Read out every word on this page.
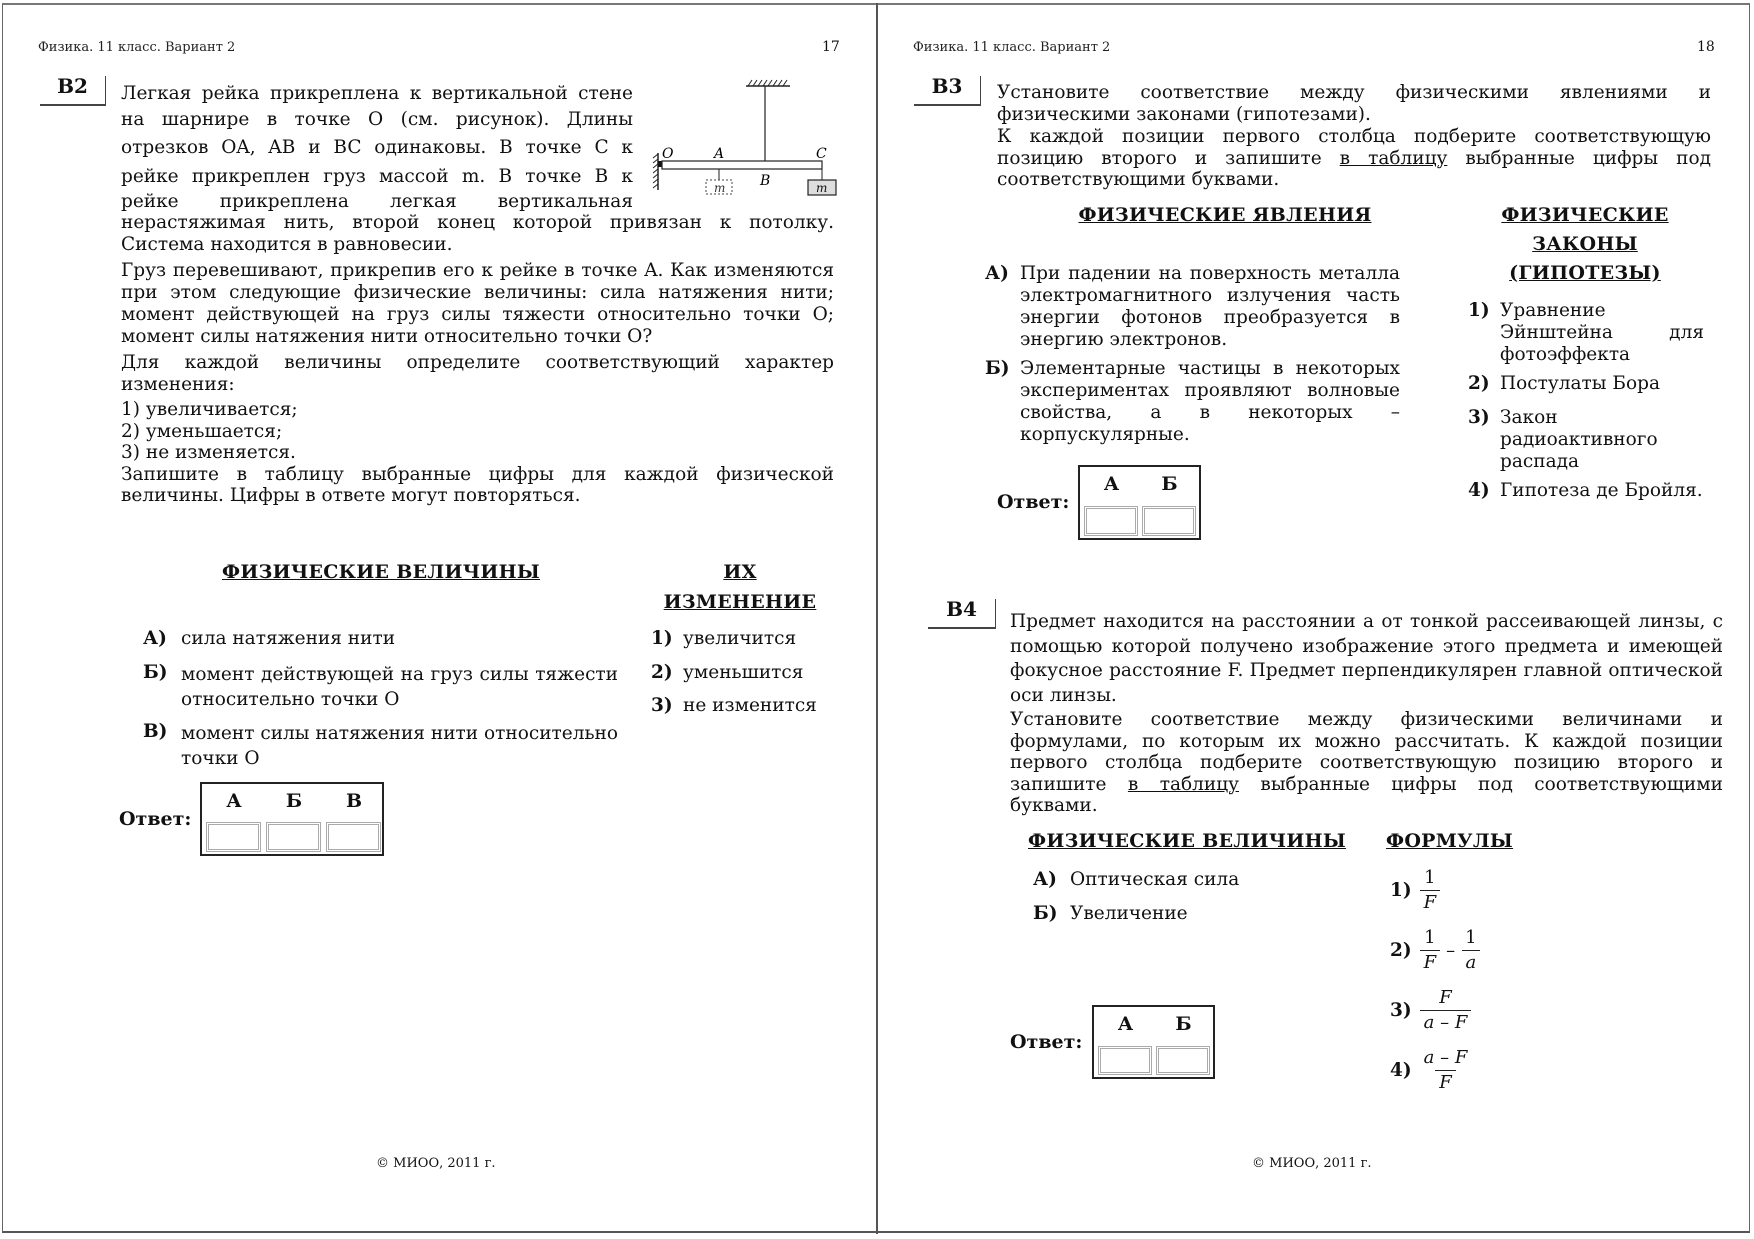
Физика. 11 класс. Вариант 2	17
B2	Легкая рейка прикреплена к вертикальной стене
на шарнире в точке O (см. рисунок). Длины
отрезков OA, AB и BC одинаковы. В точке C к
рейке прикреплен груз массой m. В точке B к
рейке прикреплена легкая вертикальная
нерастяжимая нить, второй конец которой привязан к потолку. Система находится в равновесии.
m	m
O	A
B
C

Груз перевешивают, прикрепив его к рейке в точке A. Как изменяются при этом следующие физические величины: сила натяжения нити; момент действующей на груз силы тяжести относительно точки O; момент силы натяжения нити относительно точки O?

Для каждой величины определите соответствующий характер изменения:

1) увеличивается;
2) уменьшается;
3) не изменяется.

Запишите в таблицу выбранные цифры для каждой физической величины. Цифры в ответе могут повторяться.

ФИЗИЧЕСКИЕ ВЕЛИЧИНЫ	ИХ
ИЗМЕНЕНИЕ
А) сила натяжения нити
Б) момент действующей на груз силы тяжести относительно точки O
В) момент силы натяжения нити относительно точки O
1) увеличится
2) уменьшится
3) не изменится
Ответ:
А	Б	В
© МИОО, 2011 г.
Физика. 11 класс. Вариант 2	18
B3	Установите соответствие между физическими явлениями и физическими законами (гипотезами).

К каждой позиции первого столбца подберите соответствующую позицию второго и запишите в таблицу выбранные цифры под соответствующими буквами.

ФИЗИЧЕСКИЕ ЯВЛЕНИЯ	ФИЗИЧЕСКИЕ
ЗАКОНЫ
(ГИПОТЕЗЫ)
А) При падении на поверхность металла электромагнитного излучения часть энергии фотонов преобразуется в энергию электронов.
Б) Элементарные частицы в некоторых экспериментах проявляют волновые свойства, а в некоторых – корпускулярные.
1) Уравнение Эйнштейна для фотоэффекта
2) Постулаты Бора
3) Закон радиоактивного распада
4) Гипотеза де Бройля.
Ответ:
А	Б
B4

Предмет находится на расстоянии a от тонкой рассеивающей линзы, с помощью которой получено изображение этого предмета и имеющей фокусное расстояние F. Предмет перпендикулярен главной оптической оси линзы.

Установите соответствие между физическими величинами и формулами, по которым их можно рассчитать. К каждой позиции первого столбца подберите соответствующую позицию второго и запишите в таблицу выбранные цифры под соответствующими буквами.

ФИЗИЧЕСКИЕ ВЕЛИЧИНЫ	ФОРМУЛЫ
А) Оптическая сила
Б) Увеличение
$1) \frac{1}{F}$
$2) \frac{1}{F} - \frac{1}{a}$
$3) \frac{F}{a - F}$
$4) \frac{a - F}{F}$
Ответ:
А	Б
© МИОО, 2011 г.
